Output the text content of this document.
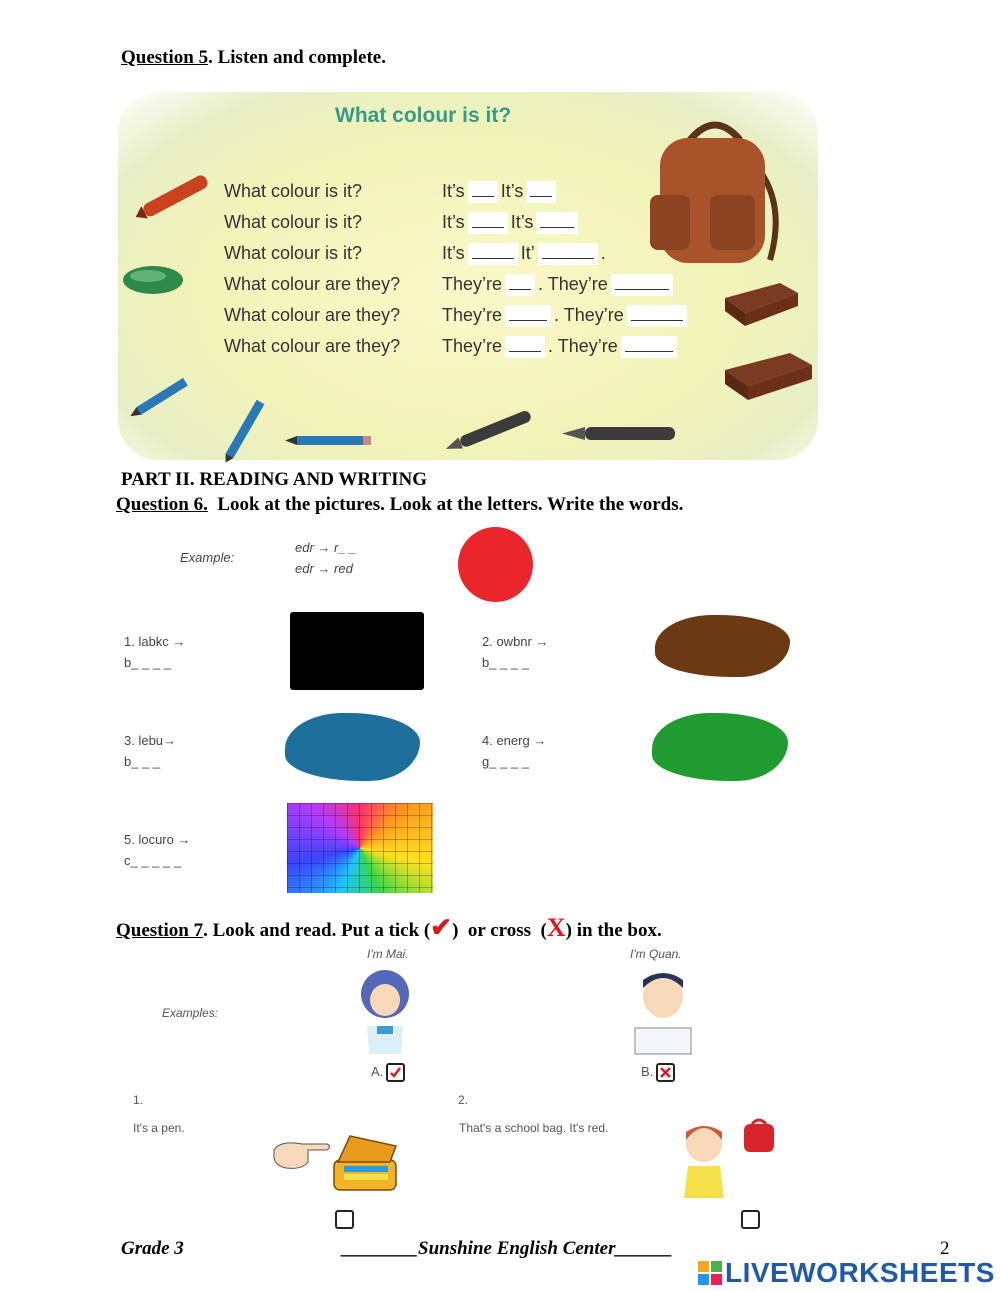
Question 5. Listen and complete.
What colour is it?
What colour is it?	It’s It’s
What colour is it?	It’s	It’s
What colour is it?	It’s	It’	.
What colour are they? They’re . They’re
What colour are they? They’re	. They’re
What colour are they? They’re	. They’re
PART II. READING AND WRITING
Question 6.  Look at the pictures. Look at the letters. Write the words.
Example:
edr → r_ _
edr → red
1. labkc →
b_ _ _ _
2. owbnr →
b_ _ _ _
3. lebu→
b_ _ _
4. energ →
g_ _ _ _
5. locuro →
c_ _ _ _ _
Question 7. Look and read. Put a tick (✔)  or cross  (X) in the box.
I'm Mai.	I'm Quan.
Examples:
A.	B.
1.
It's a pen.
2.
That's a school bag. It's red.

Grade 3	________Sunshine English Center______	2
LIVEWORKSHEETS
